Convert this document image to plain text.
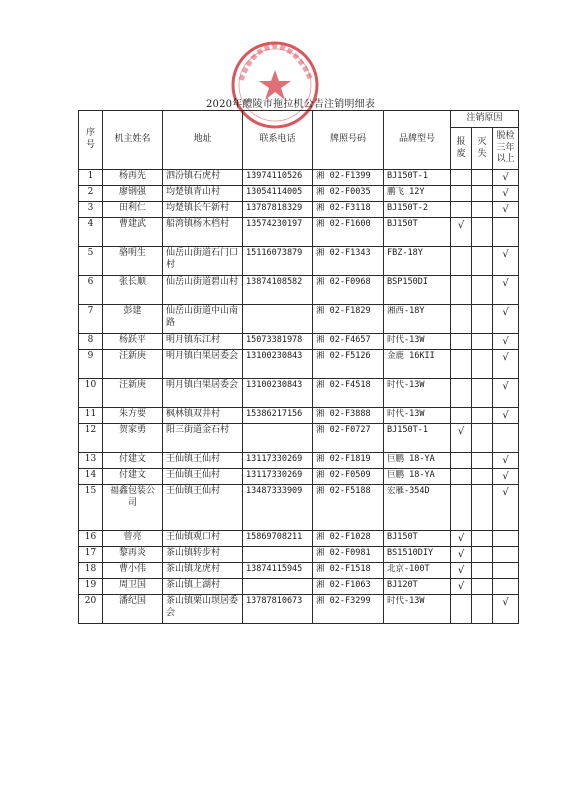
2020年醴陵市拖拉机公告注销明细表
序号	机主姓名	地址	联系电话	牌照号码	品牌型号	注销原因		
						报废	灭失	脱检三年以上
1	杨再先	泗汾镇石虎村	13974110526	湘 02-F1399	BJ150T-1			√
2	廖钢强	均楚镇青山村	13054114005	湘 02-F0035	鹏飞 12Y			√
3	田利仁	均楚镇长午新村	13787818329	湘 02-F3118	BJ150T-2			√
4	曹建武	船湾镇杨木档村	13574230197	湘 02-F1600	BJ150T	√		
5	骆明生	仙岳山街道石门口村	15116073879	湘 02-F1343	FBZ-18Y			√
6	张长顺	仙岳山街道碧山村	13874108582	湘 02-F0968	BSP150DI			√
7	彭建	仙岳山街道中山南路		湘 02-F1829	湘西-18Y			√
8	杨跃平	明月镇东江村	15073381978	湘 02-F4657	时代-13W			√
9	汪新庚	明月镇白果居委会	13100230843	湘 02-F5126	金鹿 16KII			√
10	汪新庚	明月镇白果居委会	13100230843	湘 02-F4518	时代-13W			√
11	朱方要	枫林镇双井村	15386217156	湘 02-F3888	时代-13W			√
12	贺家勇	阳三街道金石村		湘 02-F0727	BJ150T-1	√		
13	付建文	王仙镇王仙村	13117330269	湘 02-F1819	巨鹏 18-YA			√
14	付建文	王仙镇王仙村	13117330269	湘 02-F0509	巨鹏 18-YA			√
15	福鑫包装公司	王仙镇王仙村	13487333909	湘 02-F5188	宏雁-354D			√
16	曾亮	王仙镇观口村	15869708211	湘 02-F1028	BJ150T	√		
17	黎再炎	茶山镇转步村		湘 02-F0981	BS1510DIY	√		
18	曹小伟	茶山镇龙虎村	13874115945	湘 02-F1518	北京-100T	√		
19	周卫国	茶山镇上湖村		湘 02-F1063	BJ120T	√		
20	潘纪国	茶山镇栗山坝居委会	13787810673	湘 02-F3299	时代-13W			√
